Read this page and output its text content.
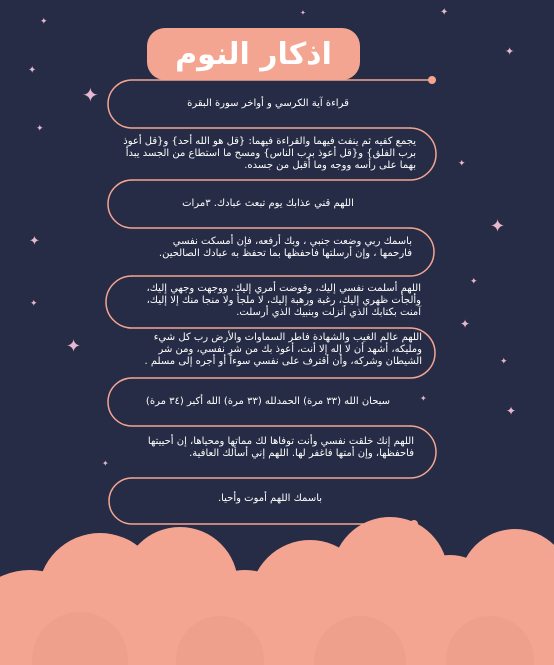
✦
✦
✦
✦
✦
✦
✦
✦
✦
✦
✦
✦
✦
✦
✦
✦
✦
✦
اذكار النوم
قراءة آية الكرسي و أواخر سورة البقرة
يجمع كفيه ثم ينفث فيهما والقراءة فيهما: {قل هو الله أحد} و{قل أعوذ برب الفلق} و{قل أعوذ برب الناس} ومسح ما استطاع من الجسد يبدأ بهما على رأسه ووجه وما أقبل من جسده.
اللهم قني عذابك يوم تبعث عبادك. ٣مرات
باسمك ربي وضعت جنبي ، وبك أرفعه، فإن أمسكت نفسي فارحمها ، وإن أرسلتها فاحفظها بما تحفظ به عبادك الصالحين.
اللهم أسلمت نفسي إليك، وفوضت أمري إليك، ووجهت وجهي إليك، وألجأت ظهري إليك، رغبة ورهبة إليك، لا ملجأ ولا منجا منك إلا إليك، آمنت بكتابك الذي أنزلت وبنبيك الذي أرسلت.
اللهم عالم الغيب والشهادة فاطر السماوات والأرض رب كل شيء ومليكه، أشهد أن لا إله إلا أنت، أعوذ بك من شر نفسي، ومن شر الشيطان وشركه، وأن أقترف على نفسي سوءاً أو أجره إلى مسلم .
سبحان الله (٣٣ مرة) الحمدلله (٣٣ مرة) الله أكبر (٣٤ مرة)
اللهم إنك خلقت نفسي وأنت توفاها لك مماتها ومحياها، إن أحييتها فاحفظها، وإن أمتها فاغفر لها. اللهم إني أسألك العافية.
باسمك اللهم أموت وأحيا.
